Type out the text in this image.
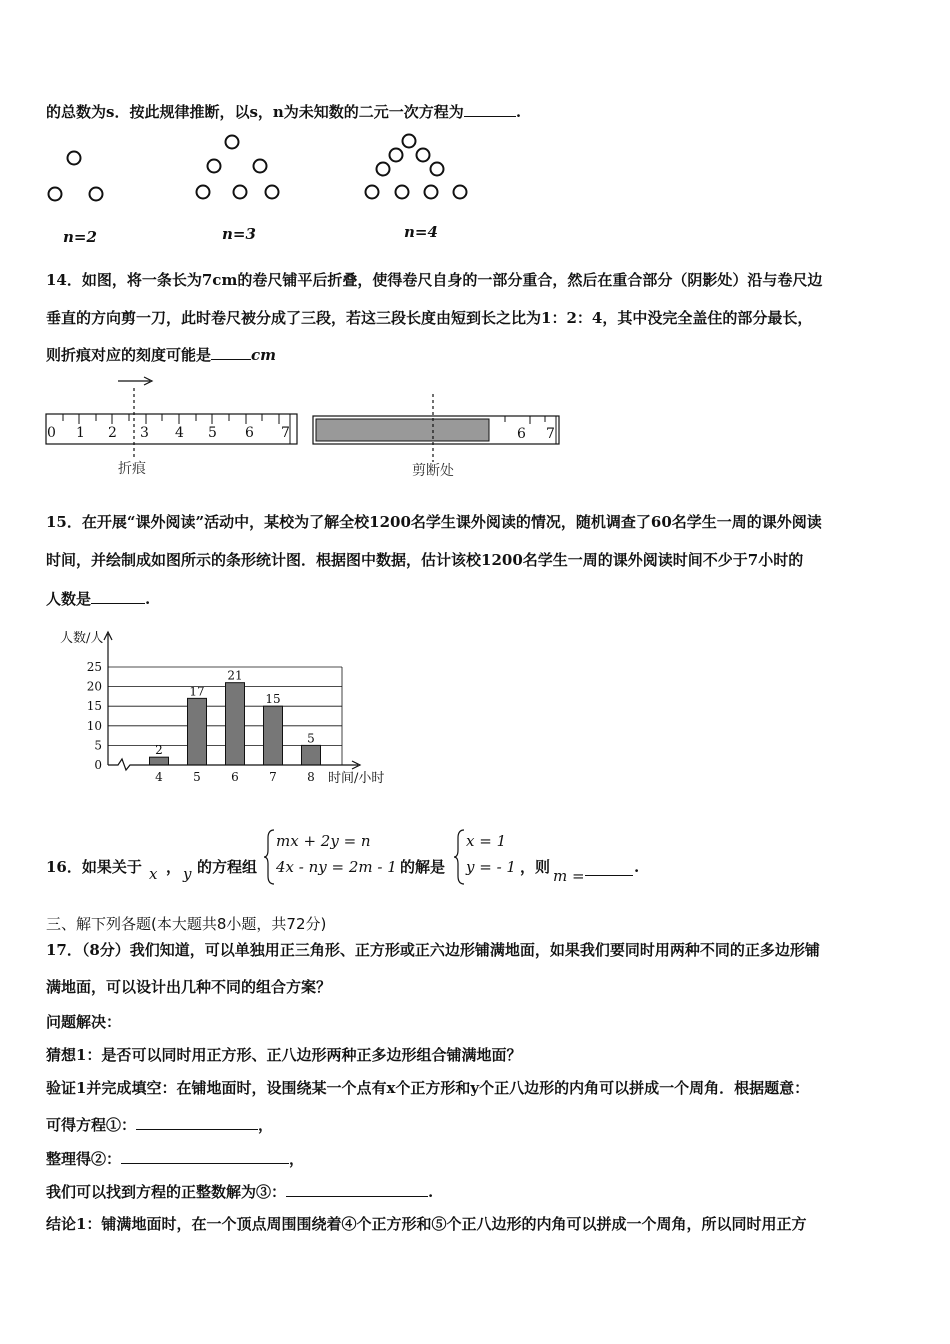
的总数为s．按此规律推断，以s，n为未知数的二元一次方程为	.
n=2	n=3	n=4
14．如图，将一条长为7cm的卷尺铺平后折叠，使得卷尺自身的一部分重合，然后在重合部分（阴影处）沿与卷尺边
垂直的方向剪一刀，此时卷尺被分成了三段，若这三段长度由短到长之比为1：2：4，其中没完全盖住的部分最长，
则折痕对应的刻度可能是	cm
0 1 2 3 4 5 6 7
折痕
6 7
剪断处
15．在开展“课外阅读”活动中，某校为了解全校1200名学生课外阅读的情况，随机调查了60名学生一周的课外阅读
时间，并绘制成如图所示的条形统计图．根据图中数据，估计该校1200名学生一周的课外阅读时间不少于7小时的
人数是	.
人数/人
时间/小时
0
5
10
15
20
25
2
4
17
5
21
6
15
7
5
8
16．如果关于 x ， y 的方程组
mx + 2y = n
4x - ny = 2m - 1 的解是
x = 1
y = - 1 ，则 m =	.
三、解下列各题(本大题共8小题，共72分)
17．（8分）我们知道，可以单独用正三角形、正方形或正六边形铺满地面，如果我们要同时用两种不同的正多边形铺
满地面，可以设计出几种不同的组合方案？
问题解决：
猜想1：是否可以同时用正方形、正八边形两种正多边形组合铺满地面？
验证1并完成填空：在铺地面时，设围绕某一个点有x个正方形和y个正八边形的内角可以拼成一个周角．根据题意：
可得方程①：	，
整理得②：	，
我们可以找到方程的正整数解为③：	.
结论1：铺满地面时，在一个顶点周围围绕着④个正方形和⑤个正八边形的内角可以拼成一个周角，所以同时用正方
